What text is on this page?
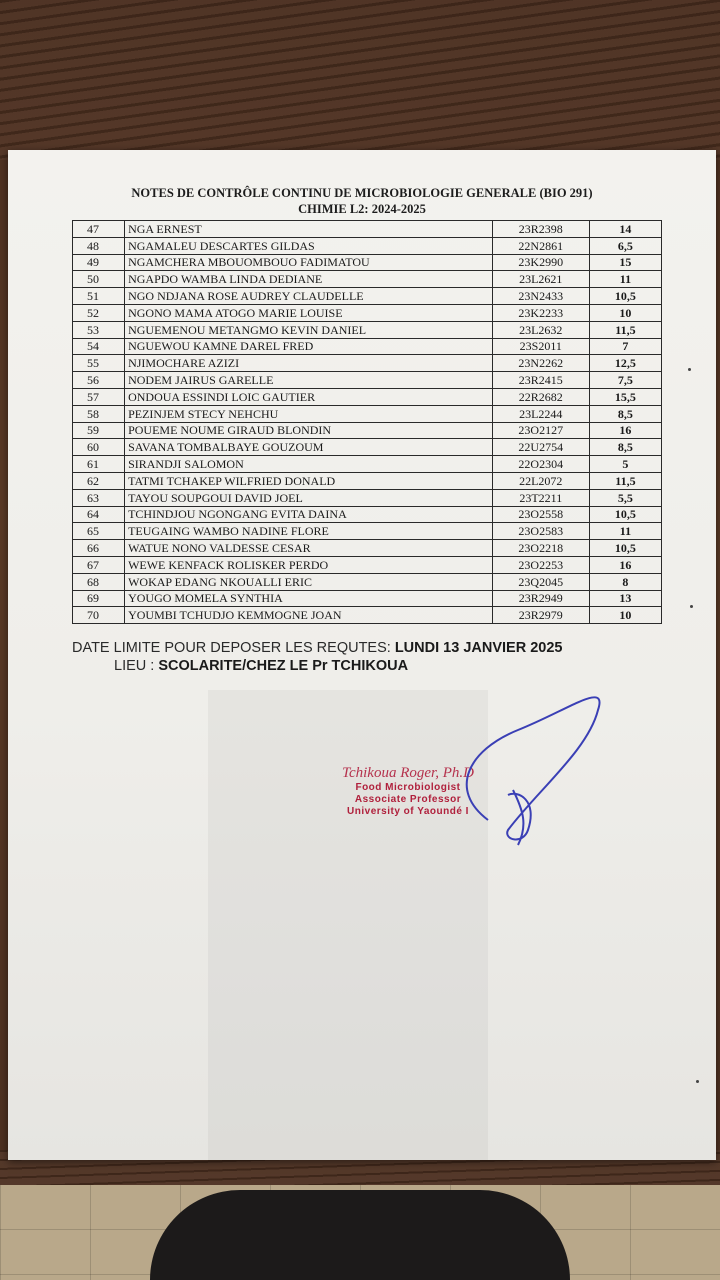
NOTES DE CONTRÔLE CONTINU DE MICROBIOLOGIE GENERALE (BIO 291)

CHIMIE L2: 2024-2025

47	NGA ERNEST	23R2398	14
48	NGAMALEU DESCARTES GILDAS	22N2861	6,5
49	NGAMCHERA MBOUOMBOUO FADIMATOU	23K2990	15
50	NGAPDO WAMBA LINDA DEDIANE	23L2621	11
51	NGO NDJANA ROSE AUDREY CLAUDELLE	23N2433	10,5
52	NGONO MAMA ATOGO MARIE LOUISE	23K2233	10
53	NGUEMENOU METANGMO KEVIN DANIEL	23L2632	11,5
54	NGUEWOU KAMNE DAREL FRED	23S2011	7
55	NJIMOCHARE AZIZI	23N2262	12,5
56	NODEM JAIRUS GARELLE	23R2415	7,5
57	ONDOUA ESSINDI LOIC GAUTIER	22R2682	15,5
58	PEZINJEM STECY NEHCHU	23L2244	8,5
59	POUEME NOUME GIRAUD BLONDIN	23O2127	16
60	SAVANA TOMBALBAYE GOUZOUM	22U2754	8,5
61	SIRANDJI SALOMON	22O2304	5
62	TATMI TCHAKEP WILFRIED DONALD	22L2072	11,5
63	TAYOU SOUPGOUI DAVID JOEL	23T2211	5,5
64	TCHINDJOU NGONGANG EVITA DAINA	23O2558	10,5
65	TEUGAING WAMBO NADINE FLORE	23O2583	11
66	WATUE NONO VALDESSE CESAR	23O2218	10,5
67	WEWE KENFACK ROLISKER PERDO	23O2253	16
68	WOKAP EDANG NKOUALLI ERIC	23Q2045	8
69	YOUGO MOMELA SYNTHIA	23R2949	13
70	YOUMBI TCHUDJO KEMMOGNE JOAN	23R2979	10

DATE LIMITE POUR DEPOSER LES REQUTES: LUNDI 13 JANVIER 2025

LIEU : SCOLARITE/CHEZ LE Pr TCHIKOUA

Tchikoua Roger, Ph.D
Food Microbiologist
Associate Professor
University of Yaoundé I
